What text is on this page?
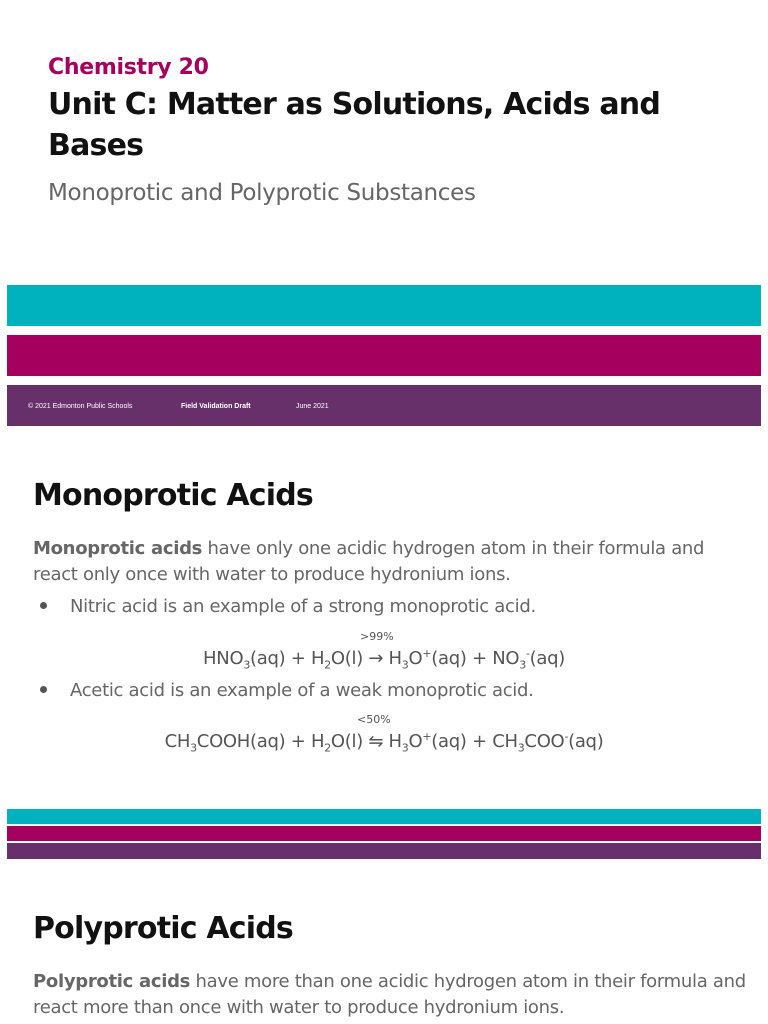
Chemistry 20
Unit C: Matter as Solutions, Acids and Bases
Monoprotic and Polyprotic Substances
© 2021 Edmonton Public Schools	Field Validation Draft	June 2021
Monoprotic Acids
Monoprotic acids have only one acidic hydrogen atom in their formula and react only once with water to produce hydronium ions.
Nitric acid is an example of a strong monoprotic acid.
>99%
$HNO_3(aq) + H_2O(l) \to H_3O^+(aq) + NO_3^-(aq)$
Acetic acid is an example of a weak monoprotic acid.
<50%
$CH_3COOH(aq) + H_2O(l)$ ⇋ $H_3O^+(aq) + CH_3COO^-(aq)$
Polyprotic Acids
Polyprotic acids have more than one acidic hydrogen atom in their formula and react more than once with water to produce hydronium ions.
